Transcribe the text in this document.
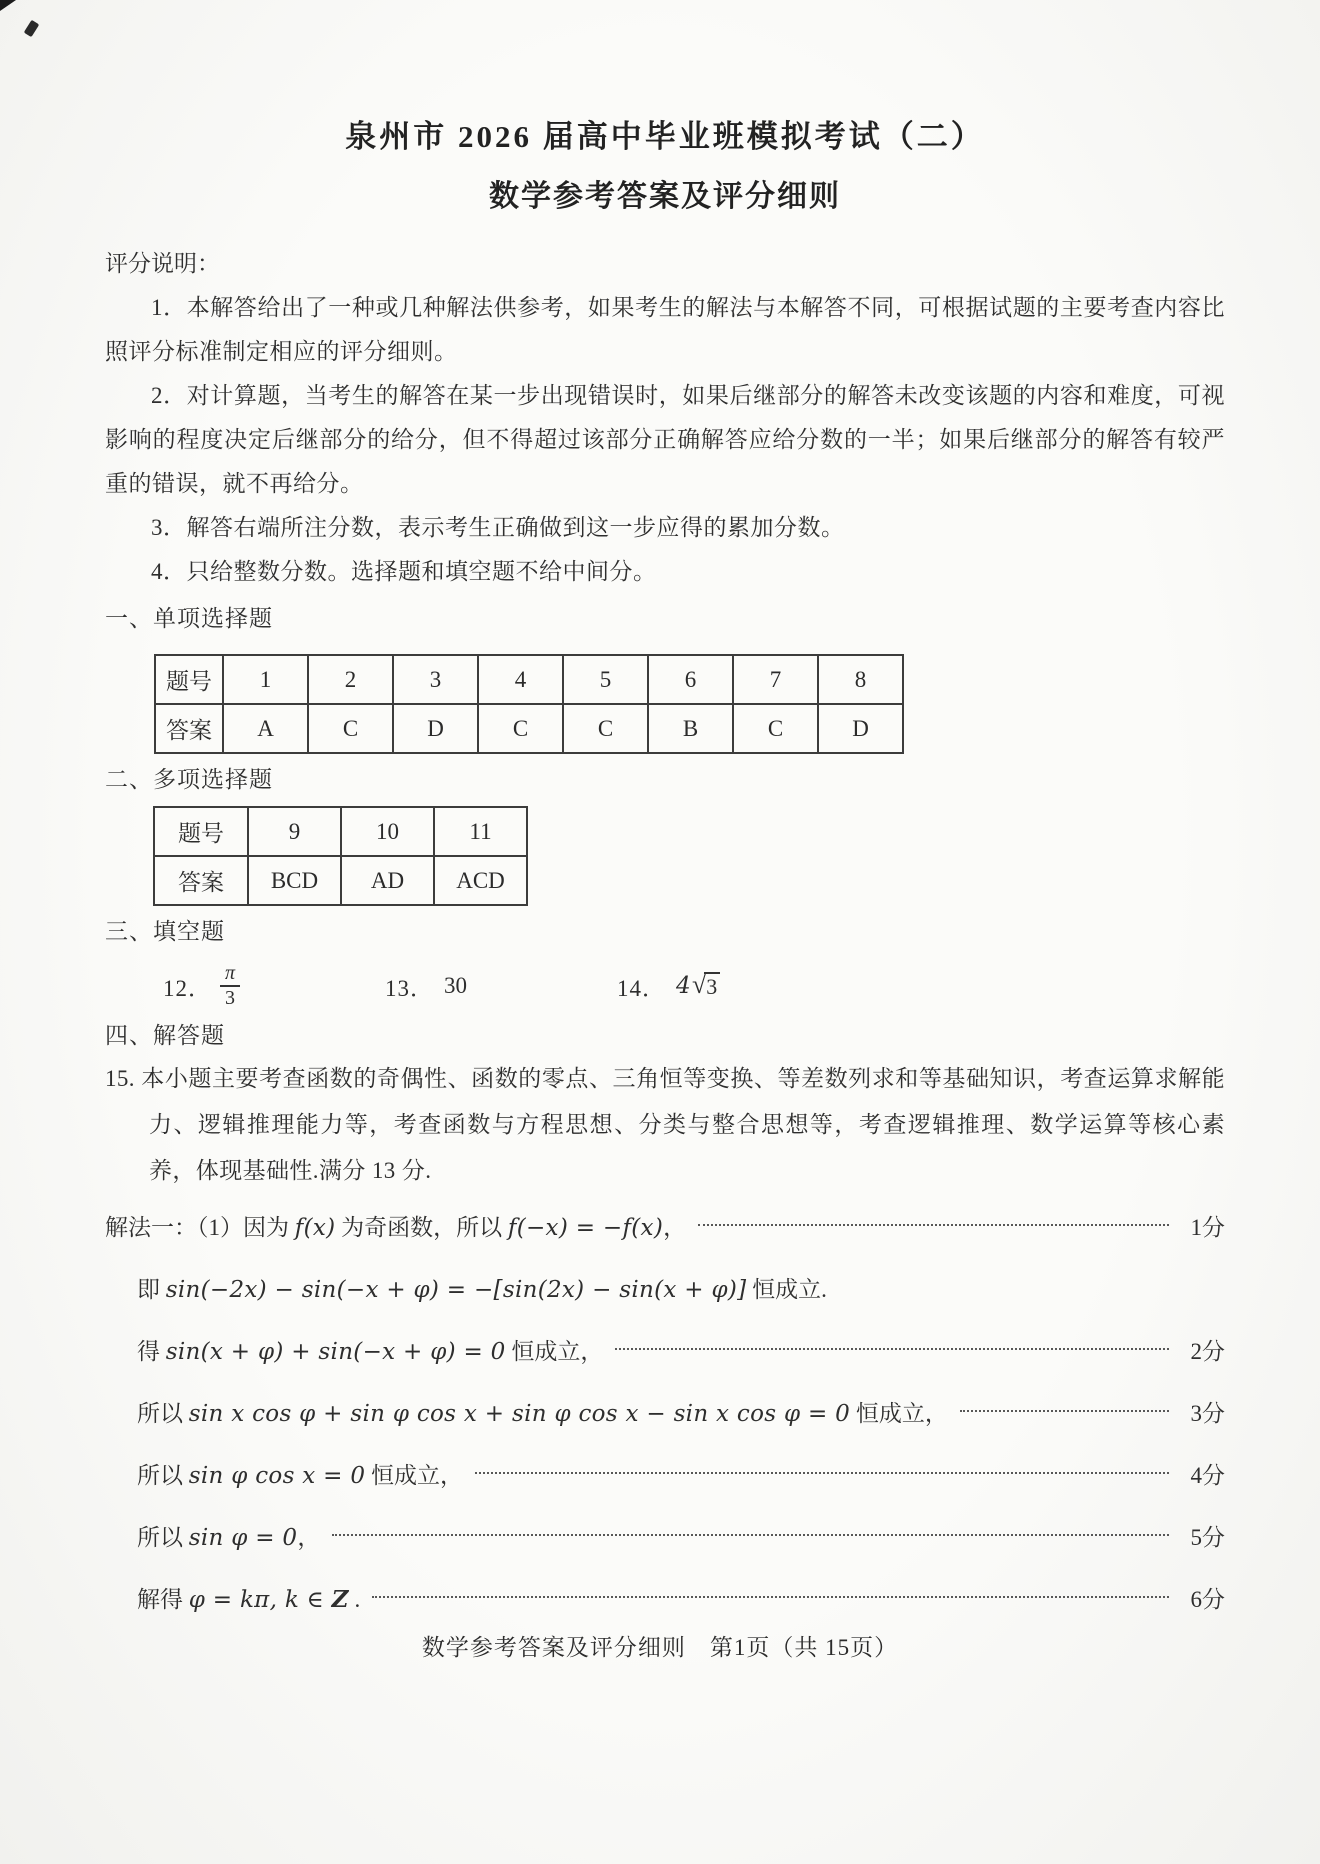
泉州市 2026 届高中毕业班模拟考试（二）
数学参考答案及评分细则
评分说明：

1．本解答给出了一种或几种解法供参考，如果考生的解法与本解答不同，可根据试题的主要考查内容比照评分标准制定相应的评分细则。

2．对计算题，当考生的解答在某一步出现错误时，如果后继部分的解答未改变该题的内容和难度，可视影响的程度决定后继部分的给分，但不得超过该部分正确解答应给分数的一半；如果后继部分的解答有较严重的错误，就不再给分。

3．解答右端所注分数，表示考生正确做到这一步应得的累加分数。

4．只给整数分数。选择题和填空题不给中间分。

一、单项选择题
题号	1	2	3	4	5	6	7	8
答案	A	C	D	C	C	B	C	D
二、多项选择题
题号	9	10	11
答案	BCD	AD	ACD
三、填空题
12． $\frac{\pi}{3}$	13． 30	14． 4 √ 3
四、解答题

15. 本小题主要考查函数的奇偶性、函数的零点、三角恒等变换、等差数列求和等基础知识，考查运算求解能力、逻辑推理能力等，考查函数与方程思想、分类与整合思想等，考查逻辑推理、数学运算等核心素养，体现基础性.满分 13 分.

解法一：（1）因为 f(x) 为奇函数，所以 f(−x) = −f(x)，	1分
即 sin(−2x) − sin(−x + φ) = −[sin(2x) − sin(x + φ)] 恒成立.
得 sin(x + φ) + sin(−x + φ) = 0 恒成立，	2分
所以 sin x cos φ + sin φ cos x + sin φ cos x − sin x cos φ = 0 恒成立，	3分
所以 sin φ cos x = 0 恒成立，	4分
所以 sin φ = 0，	5分
解得 φ = kπ, k ∈ Z .	6分
数学参考答案及评分细则　第1页（共 15页）
